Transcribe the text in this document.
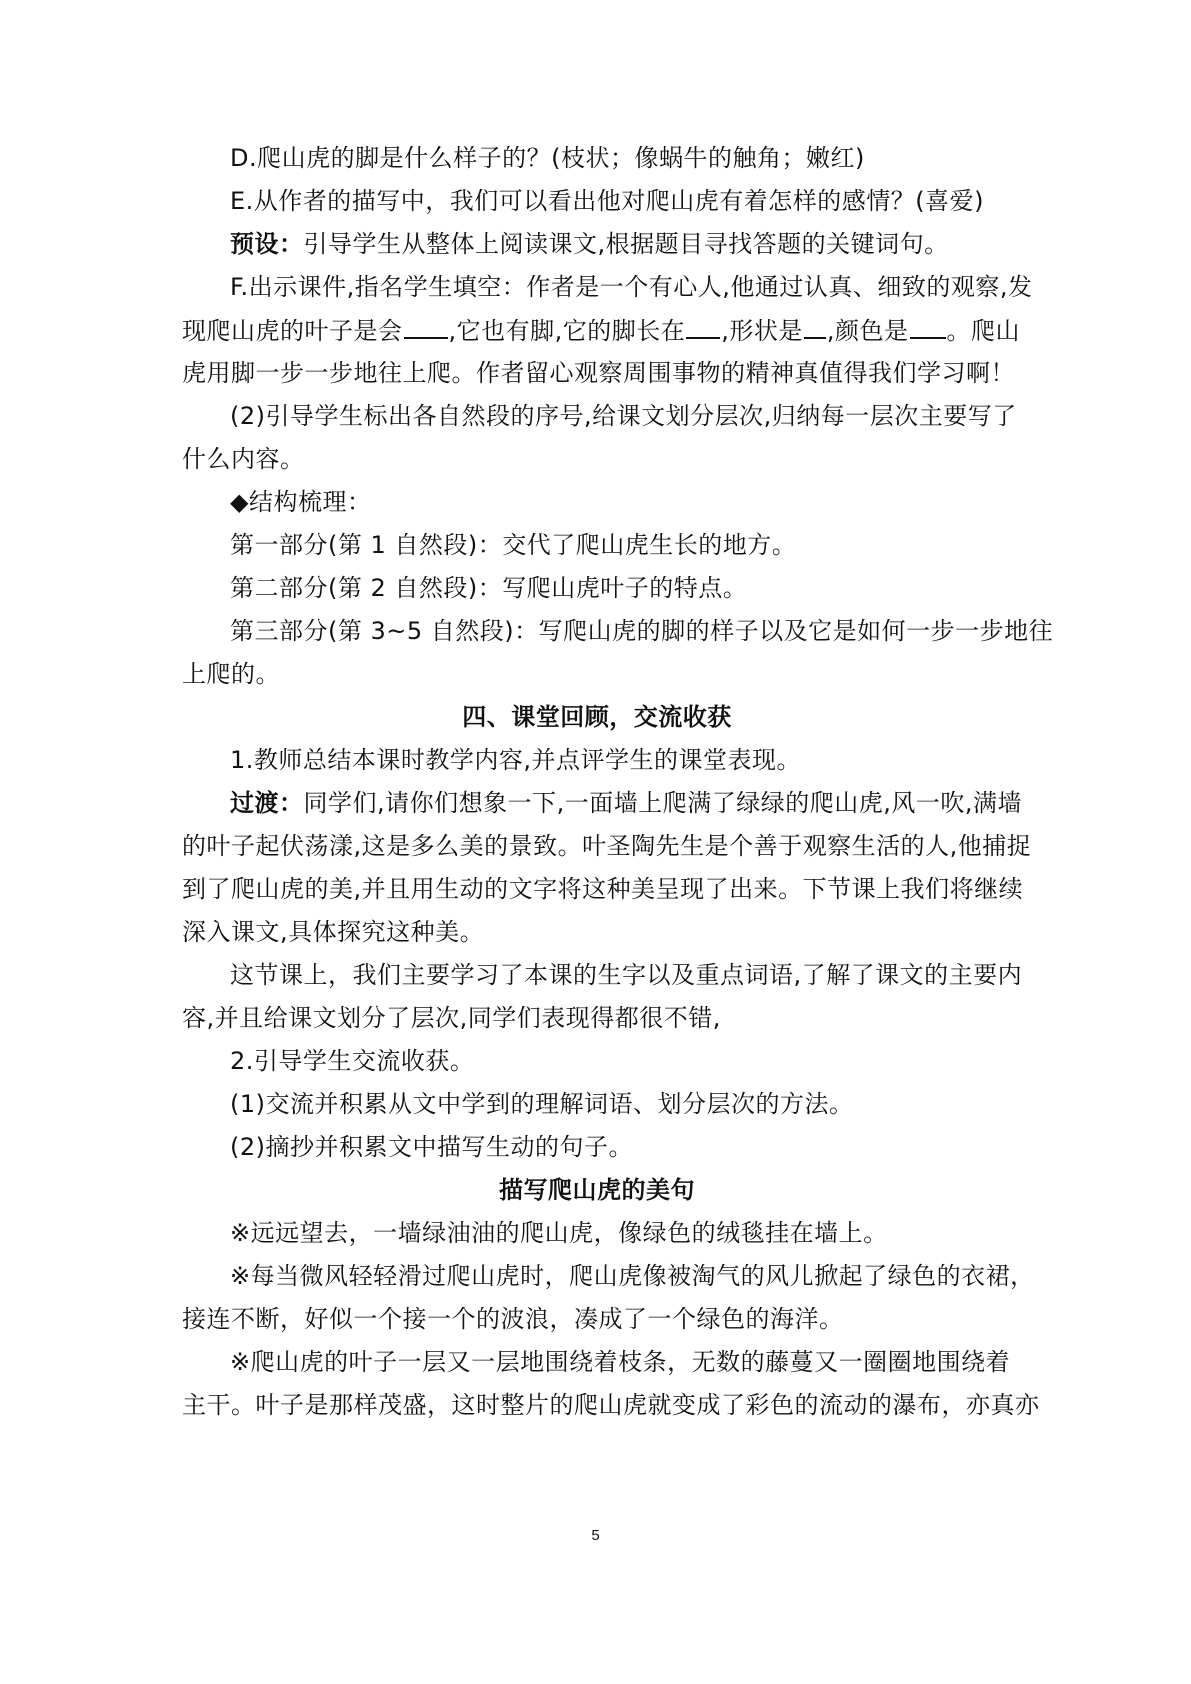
D.爬山虎的脚是什么样子的？(枝状；像蜗牛的触角；嫩红)
E.从作者的描写中，我们可以看出他对爬山虎有着怎样的感情？(喜爱)
预设：引导学生从整体上阅读课文,根据题目寻找答题的关键词句。
F.出示课件,指名学生填空：作者是一个有心人,他通过认真、细致的观察,发
现爬山虎的叶子是会 ,它也有脚,它的脚长在 ,形状是 ,颜色是 。爬山
虎用脚一步一步地往上爬。作者留心观察周围事物的精神真值得我们学习啊！
(2)引导学生标出各自然段的序号,给课文划分层次,归纳每一层次主要写了
什么内容。
◆结构梳理：
第一部分(第 1 自然段)：交代了爬山虎生长的地方。
第二部分(第 2 自然段)：写爬山虎叶子的特点。
第三部分(第 3~5 自然段)：写爬山虎的脚的样子以及它是如何一步一步地往
上爬的。
四、课堂回顾，交流收获
1.教师总结本课时教学内容,并点评学生的课堂表现。
过渡：同学们,请你们想象一下,一面墙上爬满了绿绿的爬山虎,风一吹,满墙
的叶子起伏荡漾,这是多么美的景致。叶圣陶先生是个善于观察生活的人,他捕捉
到了爬山虎的美,并且用生动的文字将这种美呈现了出来。下节课上我们将继续
深入课文,具体探究这种美。
这节课上，我们主要学习了本课的生字以及重点词语,了解了课文的主要内
容,并且给课文划分了层次,同学们表现得都很不错,
2.引导学生交流收获。
(1)交流并积累从文中学到的理解词语、划分层次的方法。
(2)摘抄并积累文中描写生动的句子。
描写爬山虎的美句
※远远望去，一墙绿油油的爬山虎，像绿色的绒毯挂在墙上。
※每当微风轻轻滑过爬山虎时，爬山虎像被淘气的风儿掀起了绿色的衣裙，
接连不断，好似一个接一个的波浪，凑成了一个绿色的海洋。
※爬山虎的叶子一层又一层地围绕着枝条，无数的藤蔓又一圈圈地围绕着
主干。叶子是那样茂盛，这时整片的爬山虎就变成了彩色的流动的瀑布，亦真亦
5
